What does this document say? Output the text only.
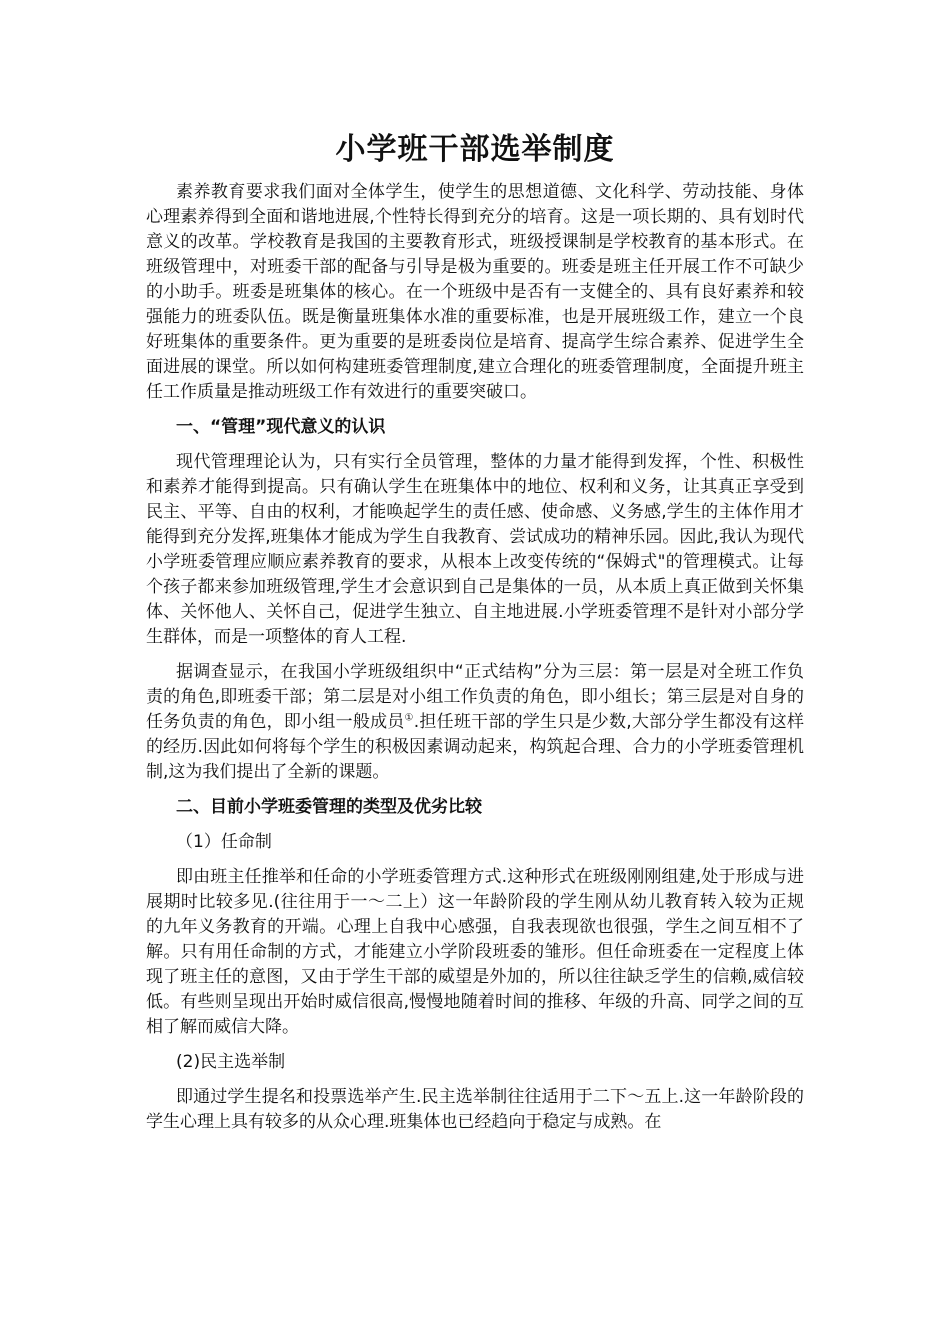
小学班干部选举制度

素养教育要求我们面对全体学生，使学生的思想道德、文化科学、劳动技能、身体心理素养得到全面和谐地进展,个性特长得到充分的培育。这是一项长期的、具有划时代意义的改革。学校教育是我国的主要教育形式，班级授课制是学校教育的基本形式。在班级管理中，对班委干部的配备与引导是极为重要的。班委是班主任开展工作不可缺少的小助手。班委是班集体的核心。在一个班级中是否有一支健全的、具有良好素养和较强能力的班委队伍。既是衡量班集体水准的重要标准，也是开展班级工作，建立一个良好班集体的重要条件。更为重要的是班委岗位是培育、提高学生综合素养、促进学生全面进展的课堂。所以如何构建班委管理制度,建立合理化的班委管理制度，全面提升班主任工作质量是推动班级工作有效进行的重要突破口。

一、“管理”现代意义的认识

现代管理理论认为，只有实行全员管理，整体的力量才能得到发挥，个性、积极性和素养才能得到提高。只有确认学生在班集体中的地位、权利和义务，让其真正享受到民主、平等、自由的权利，才能唤起学生的责任感、使命感、义务感,学生的主体作用才能得到充分发挥,班集体才能成为学生自我教育、尝试成功的精神乐园。因此,我认为现代小学班委管理应顺应素养教育的要求，从根本上改变传统的“保姆式"的管理模式。让每个孩子都来参加班级管理,学生才会意识到自己是集体的一员，从本质上真正做到关怀集体、关怀他人、关怀自己，促进学生独立、自主地进展.小学班委管理不是针对小部分学生群体，而是一项整体的育人工程.

据调查显示，在我国小学班级组织中“正式结构”分为三层：第一层是对全班工作负责的角色,即班委干部；第二层是对小组工作负责的角色，即小组长；第三层是对自身的任务负责的角色，即小组一般成员①.担任班干部的学生只是少数,大部分学生都没有这样的经历.因此如何将每个学生的积极因素调动起来，构筑起合理、合力的小学班委管理机制,这为我们提出了全新的课题。

二、目前小学班委管理的类型及优劣比较

（1）任命制

即由班主任推举和任命的小学班委管理方式.这种形式在班级刚刚组建,处于形成与进展期时比较多见.(往往用于一～二上）这一年龄阶段的学生刚从幼儿教育转入较为正规的九年义务教育的开端。心理上自我中心感强，自我表现欲也很强，学生之间互相不了解。只有用任命制的方式，才能建立小学阶段班委的雏形。但任命班委在一定程度上体现了班主任的意图，又由于学生干部的威望是外加的，所以往往缺乏学生的信赖,威信较低。有些则呈现出开始时威信很高,慢慢地随着时间的推移、年级的升高、同学之间的互相了解而威信大降。

(2)民主选举制

即通过学生提名和投票选举产生.民主选举制往往适用于二下～五上.这一年龄阶段的学生心理上具有较多的从众心理.班集体也已经趋向于稳定与成熟。在
